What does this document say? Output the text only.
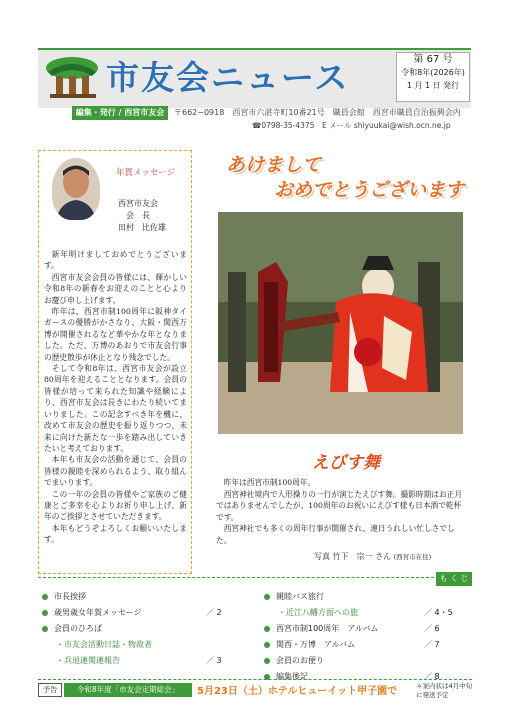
市友会ニュース	第 67 号
令和8年(2026年)
1 月 1 日 発行
編集・発行 / 西宮市友会	〒662−0918　西宮市六湛寺町10番21号　職員会館　西宮市職員自治振興会内
☎0798-35-4375　E メール shiyuukai@wish.ocn.ne.jp
年賀メッセージ
西宮市友会
会　長
田村　比佐雄

新年明けましておめでとうございます。

西宮市友会会員の皆様には、輝かしい令和8年の新春をお迎えのことと心よりお慶び申し上げます。

昨年は、西宮市制100周年に阪神タイガースの優勝がかさなり、大阪・関西万博が開催されるなど華やかな年となりました。ただ、万博のあおりで市友会行事の歴史散歩が休止となり残念でした。

そして令和8年は、西宮市友会が設立80周年を迎えることとなります。会員の皆様が培って来られた知識や経験により、西宮市友会は長きにわたり続いてまいりました。この記念すべき年を機に、改めて市友会の歴史を振り返りつつ、未来に向けた新たな一歩を踏み出していきたいと考えております。

本年も市友会の活動を通じて、会員の皆様の親睦を深められるよう、取り組んでまいります。

この一年の会員の皆様やご家族のご健康とご多幸を心よりお祈り申し上げ、新年のご挨拶とさせていただきます。

本年もどうぞよろしくお願いいたします。

あけまして
おめでとうございます
えびす舞

昨年は西宮市制100周年。

西宮神社境内で人形操りの一行が演じたえびす舞。撮影時期はお正月ではありませんでしたが、100周年のお祝いにえびす様も日本酒で乾杯です。

西宮神社でも多くの周年行事が開催され、連日うれしい忙しさでした。

写真 竹下　宗一 さん (西宮市在住)
も く じ
市長挨拶
歳男歳女年賀メッセージ	／ 2
会員のひろば
・市友会活動日誌・物故者
・兵退連関連報告	／ 3
親睦バス旅行
・近江八幡方面への旅	／ 4・5
西宮市制100周年　アルバム	／ 6
関西・万博　アルバム	／ 7
会員のお便り
編集後記	／ 8
予告	令和8年度「市友会定期総会」	5月23日（土）ホテルヒューイット甲子園で	＊案内状は4月中旬に発送予定
